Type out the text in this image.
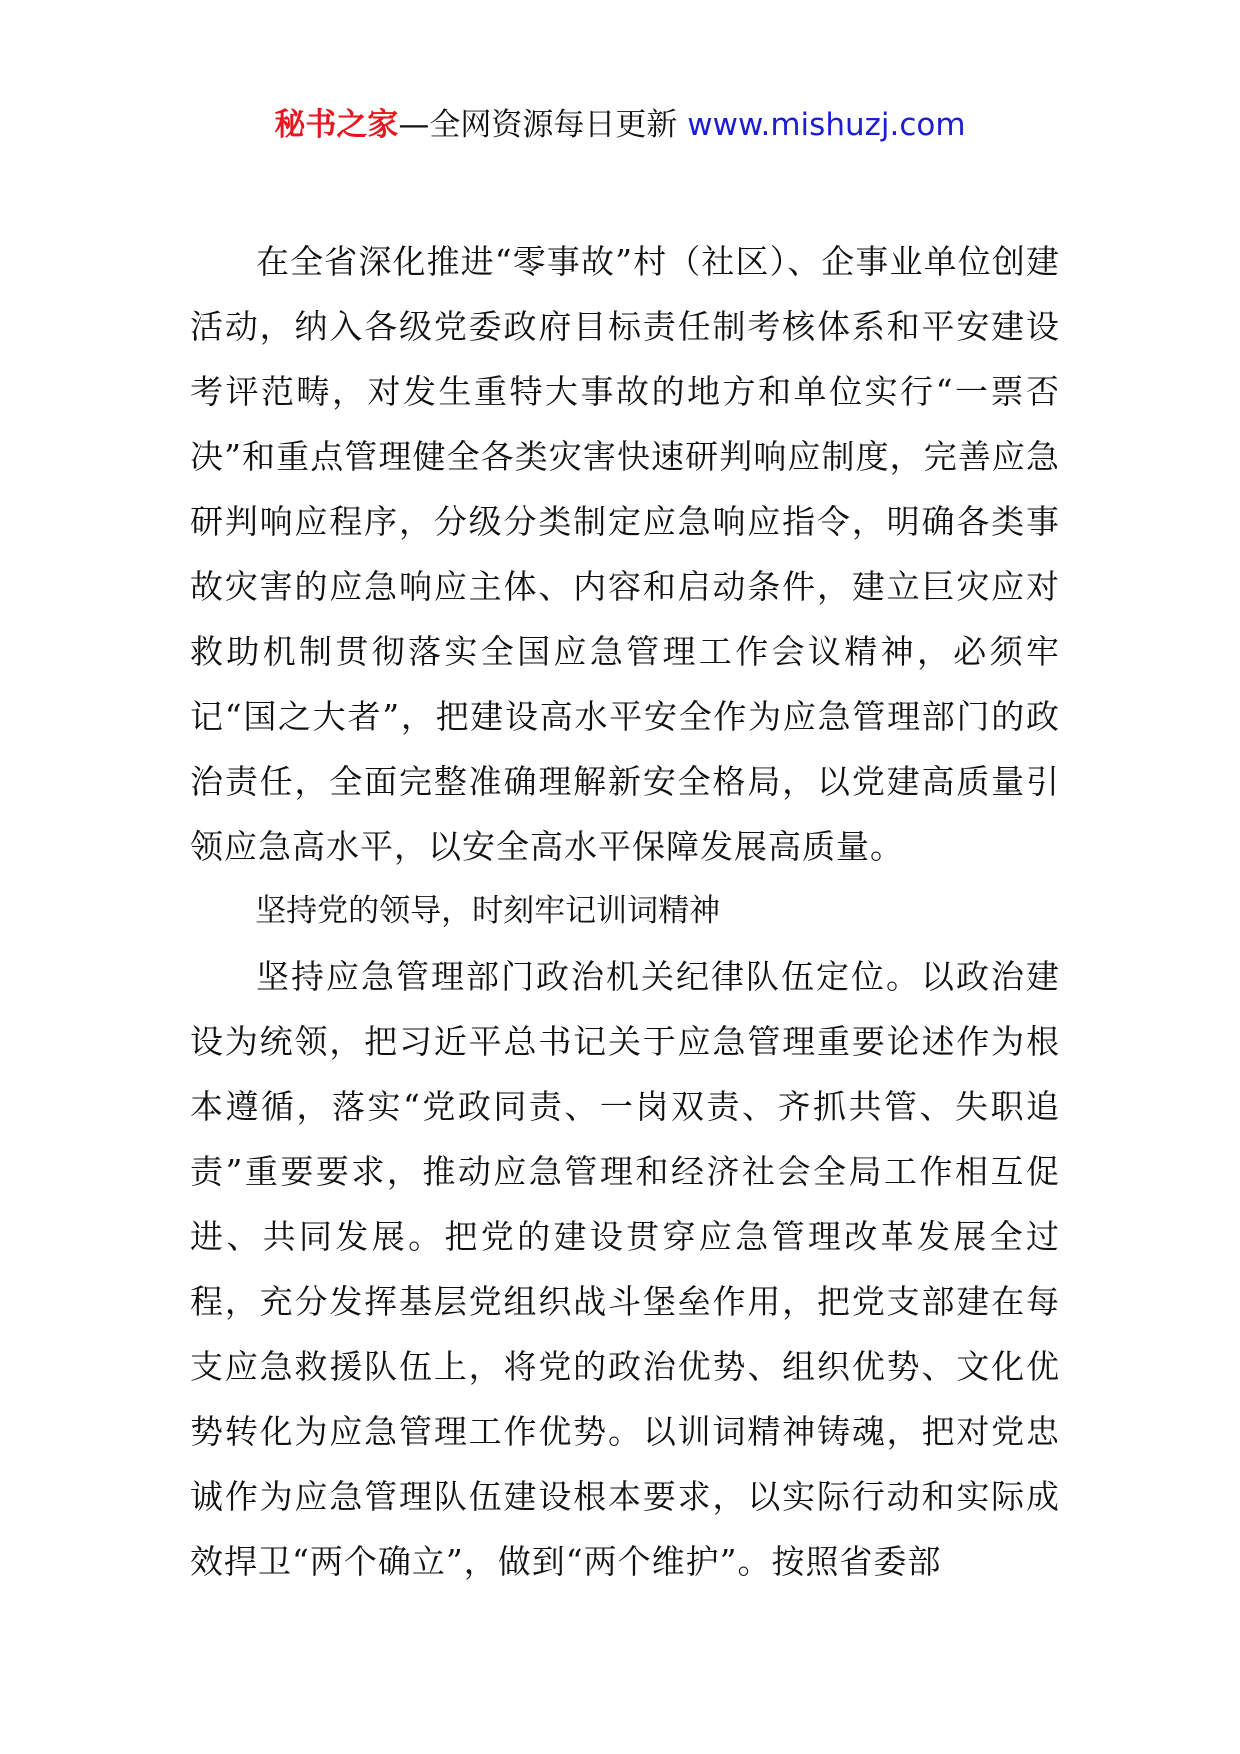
秘书之家—全网资源每日更新 www.mishuzj.com

在全省深化推进“零事故”村（社区）、企事业单位创建活动，纳入各级党委政府目标责任制考核体系和平安建设考评范畴，对发生重特大事故的地方和单位实行“一票否决”和重点管理健全各类灾害快速研判响应制度，完善应急研判响应程序，分级分类制定应急响应指令，明确各类事故灾害的应急响应主体、内容和启动条件，建立巨灾应对救助机制贯彻落实全国应急管理工作会议精神，必须牢记“国之大者”，把建设高水平安全作为应急管理部门的政治责任，全面完整准确理解新安全格局，以党建高质量引领应急高水平，以安全高水平保障发展高质量。

坚持党的领导，时刻牢记训词精神

坚持应急管理部门政治机关纪律队伍定位。以政治建设为统领，把习近平总书记关于应急管理重要论述作为根本遵循，落实“党政同责、一岗双责、齐抓共管、失职追责”重要要求，推动应急管理和经济社会全局工作相互促进、共同发展。把党的建设贯穿应急管理改革发展全过程，充分发挥基层党组织战斗堡垒作用，把党支部建在每支应急救援队伍上，将党的政治优势、组织优势、文化优势转化为应急管理工作优势。以训词精神铸魂，把对党忠诚作为应急管理队伍建设根本要求，以实际行动和实际成效捍卫“两个确立”，做到“两个维护”。按照省委部
